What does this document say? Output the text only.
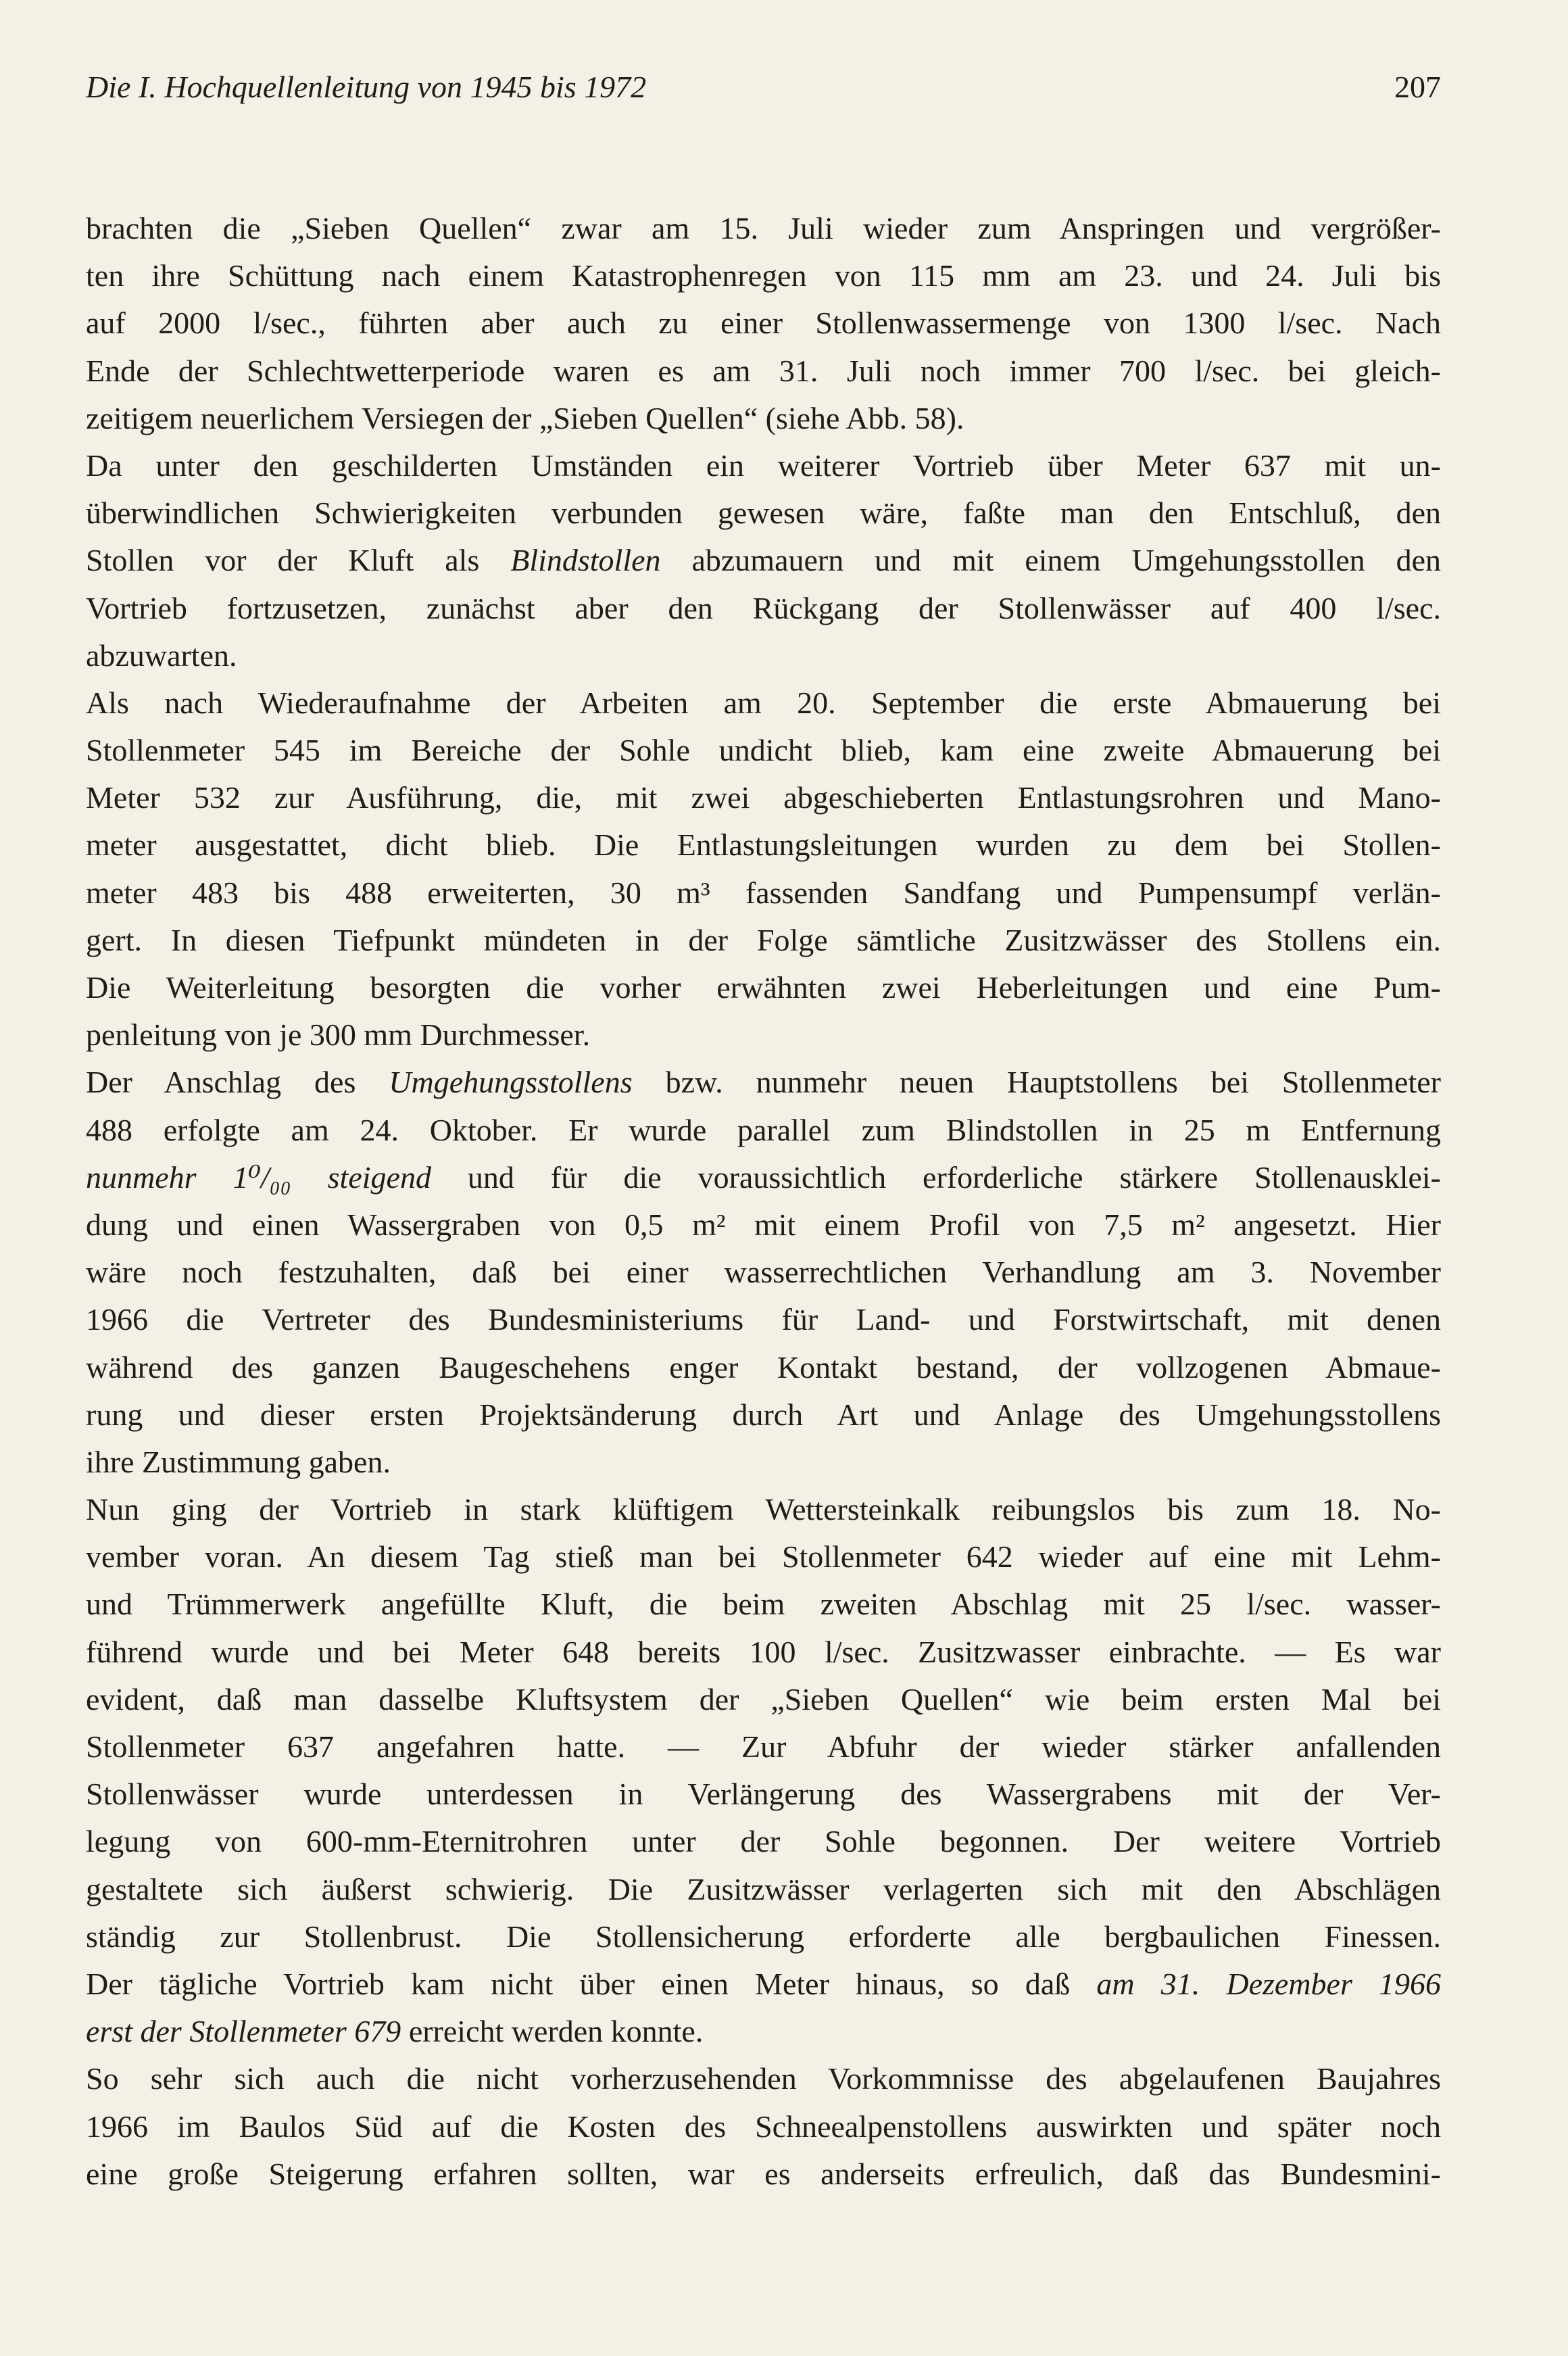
Die I. Hochquellenleitung von 1945 bis 1972	207
brachten die „Sieben Quellen“ zwar am 15. Juli wieder zum Anspringen und vergrößer-
ten ihre Schüttung nach einem Katastrophenregen von 115 mm am 23. und 24. Juli bis
auf 2000 l/sec., führten aber auch zu einer Stollenwassermenge von 1300 l/sec. Nach
Ende der Schlechtwetterperiode waren es am 31. Juli noch immer 700 l/sec. bei gleich-
zeitigem neuerlichem Versiegen der „Sieben Quellen“ (siehe Abb. 58).
Da unter den geschilderten Umständen ein weiterer Vortrieb über Meter 637 mit un-
überwindlichen Schwierigkeiten verbunden gewesen wäre, faßte man den Entschluß, den
Stollen vor der Kluft als Blindstollen abzumauern und mit einem Umgehungsstollen den
Vortrieb fortzusetzen, zunächst aber den Rückgang der Stollenwässer auf 400 l/sec.
abzuwarten.
Als nach Wiederaufnahme der Arbeiten am 20. September die erste Abmauerung bei
Stollenmeter 545 im Bereiche der Sohle undicht blieb, kam eine zweite Abmauerung bei
Meter 532 zur Ausführung, die, mit zwei abgeschieberten Entlastungsrohren und Mano-
meter ausgestattet, dicht blieb. Die Entlastungsleitungen wurden zu dem bei Stollen-
meter 483 bis 488 erweiterten, 30 m³ fassenden Sandfang und Pumpensumpf verlän-
gert. In diesen Tiefpunkt mündeten in der Folge sämtliche Zusitzwässer des Stollens ein.
Die Weiterleitung besorgten die vorher erwähnten zwei Heberleitungen und eine Pum-
penleitung von je 300 mm Durchmesser.
Der Anschlag des Umgehungsstollens bzw. nunmehr neuen Hauptstollens bei Stollenmeter
488 erfolgte am 24. Oktober. Er wurde parallel zum Blindstollen in 25 m Entfernung
nunmehr 1⁰/₀₀ steigend und für die voraussichtlich erforderliche stärkere Stollenauskleі-
dung und einen Wassergraben von 0,5 m² mit einem Profil von 7,5 m² angesetzt. Hier
wäre noch festzuhalten, daß bei einer wasserrechtlichen Verhandlung am 3. November
1966 die Vertreter des Bundesministeriums für Land- und Forstwirtschaft, mit denen
während des ganzen Baugeschehens enger Kontakt bestand, der vollzogenen Abmaue-
rung und dieser ersten Projektsänderung durch Art und Anlage des Umgehungsstollens
ihre Zustimmung gaben.
Nun ging der Vortrieb in stark klüftigem Wettersteinkalk reibungslos bis zum 18. No-
vember voran. An diesem Tag stieß man bei Stollenmeter 642 wieder auf eine mit Lehm-
und Trümmerwerk angefüllte Kluft, die beim zweiten Abschlag mit 25 l/sec. wasser-
führend wurde und bei Meter 648 bereits 100 l/sec. Zusitzwasser einbrachte. — Es war
evident, daß man dasselbe Kluftsystem der „Sieben Quellen“ wie beim ersten Mal bei
Stollenmeter 637 angefahren hatte. — Zur Abfuhr der wieder stärker anfallenden
Stollenwässer wurde unterdessen in Verlängerung des Wassergrabens mit der Ver-
legung von 600-mm-Eternitrohren unter der Sohle begonnen. Der weitere Vortrieb
gestaltete sich äußerst schwierig. Die Zusitzwässer verlagerten sich mit den Abschlägen
ständig zur Stollenbrust. Die Stollensicherung erforderte alle bergbaulichen Finessen.
Der tägliche Vortrieb kam nicht über einen Meter hinaus, so daß am 31. Dezember 1966
erst der Stollenmeter 679 erreicht werden konnte.
So sehr sich auch die nicht vorherzusehenden Vorkommnisse des abgelaufenen Baujahres
1966 im Baulos Süd auf die Kosten des Schneealpenstollens auswirkten und später noch
eine große Steigerung erfahren sollten, war es anderseits erfreulich, daß das Bundesmini-
